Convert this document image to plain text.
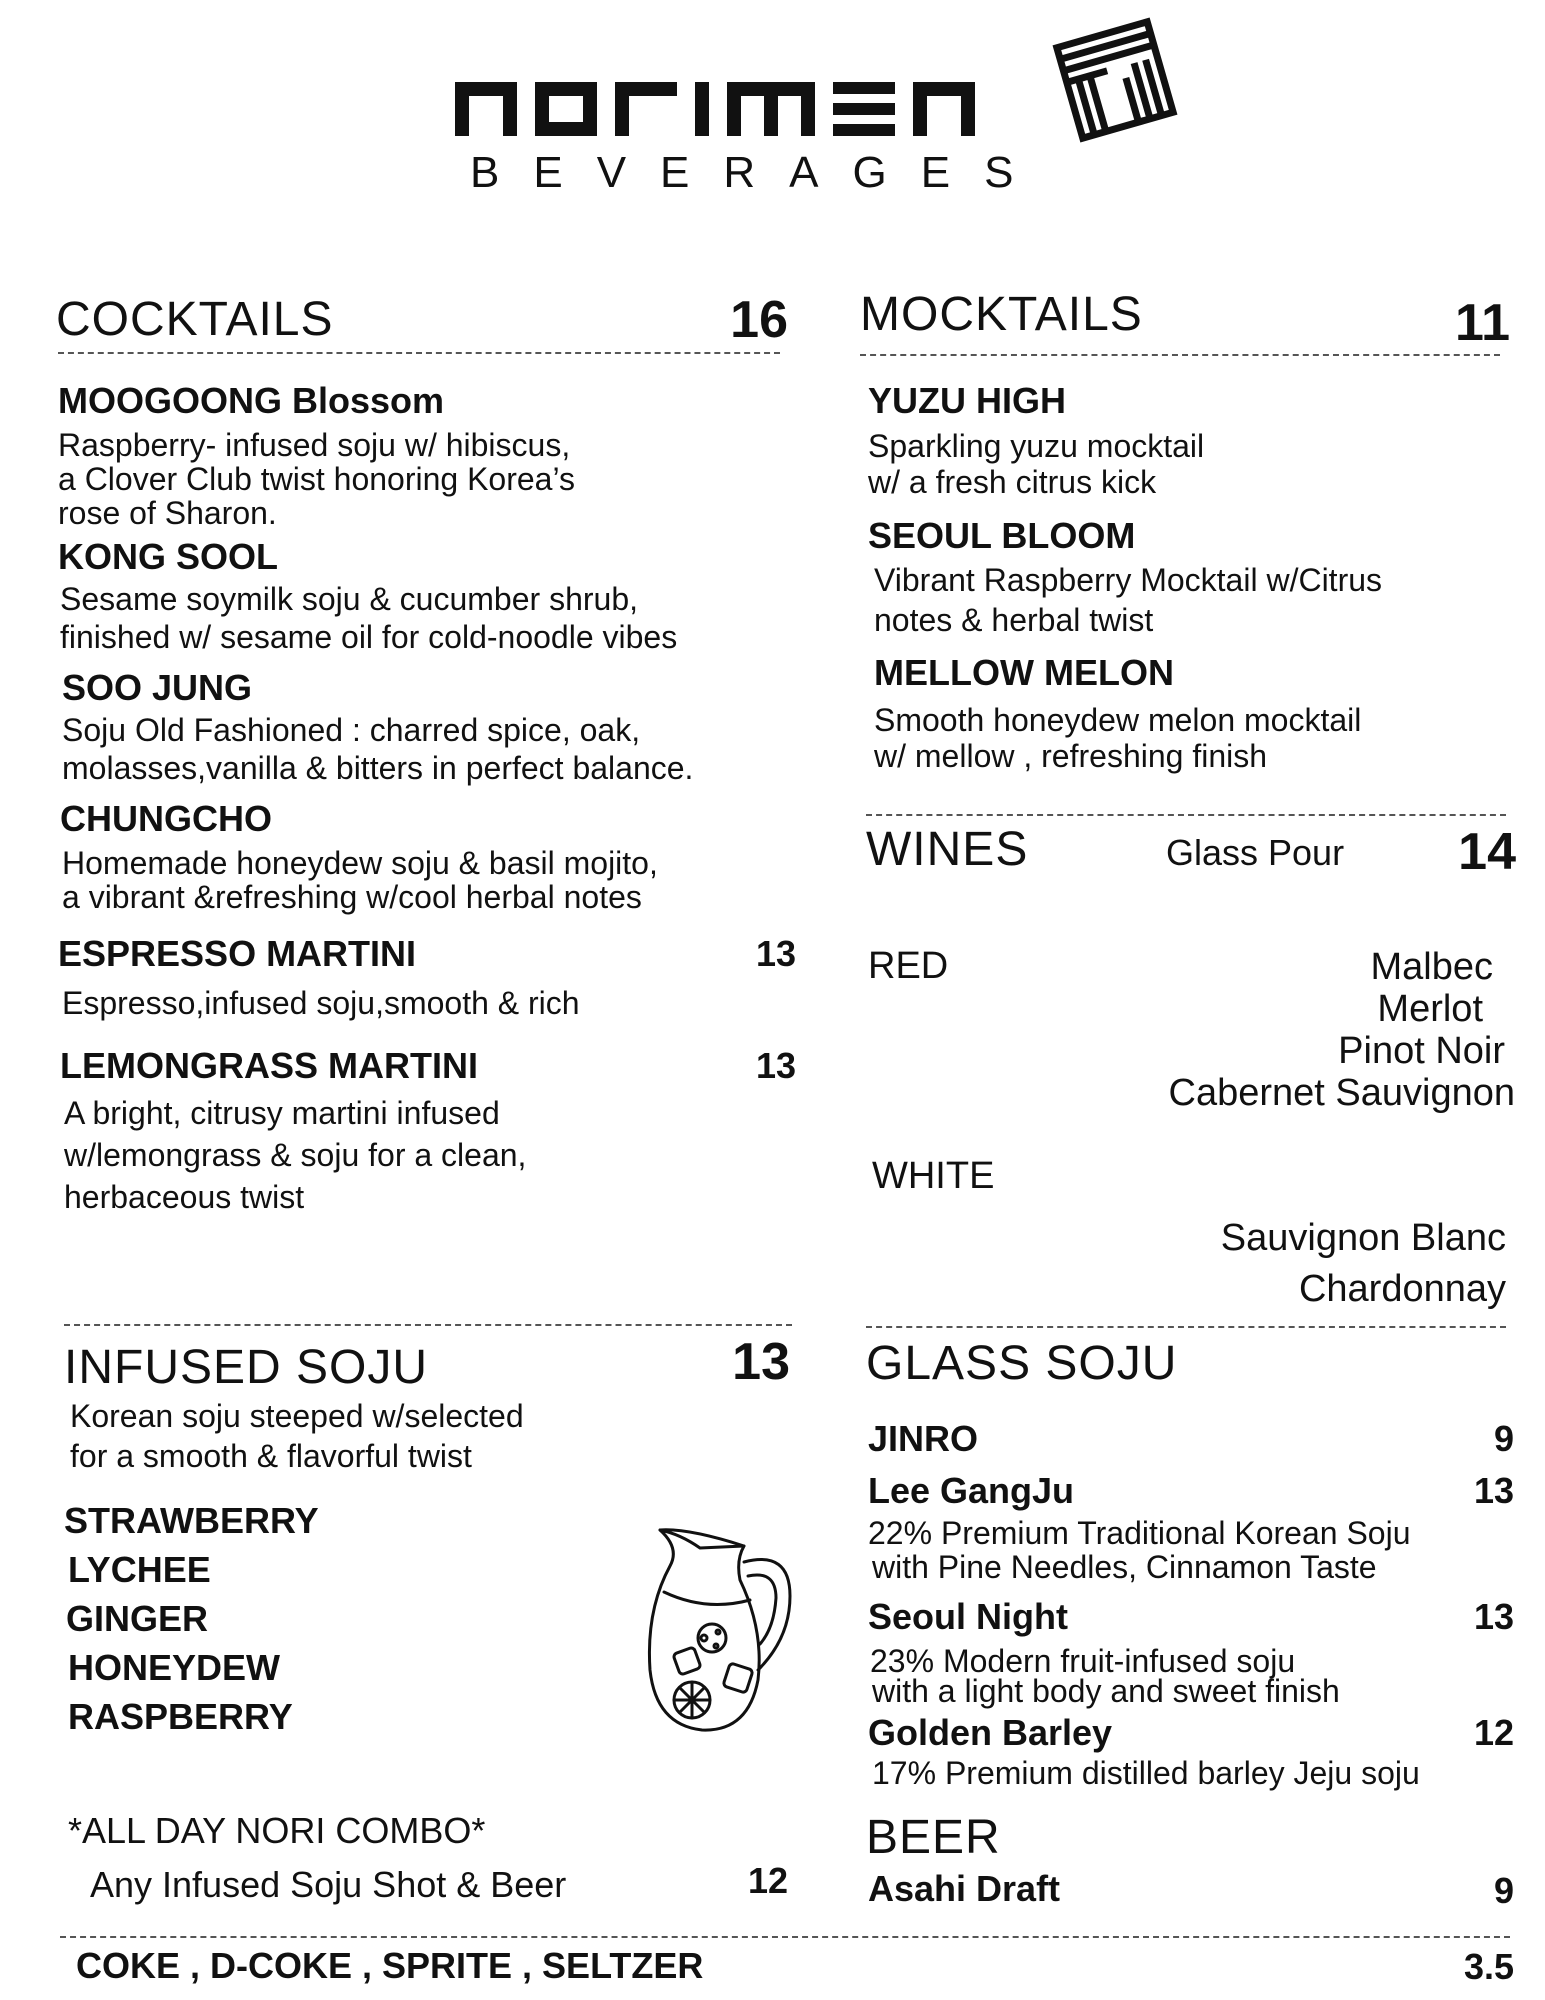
BEVERAGES
COCKTAILS	16
MOOGOONG Blossom
Raspberry- infused soju w/ hibiscus,
a Clover Club twist honoring Korea’s
rose of Sharon.
KONG SOOL
Sesame soymilk soju & cucumber shrub,
finished w/ sesame oil for cold-noodle vibes
SOO JUNG
Soju Old Fashioned : charred spice, oak,
molasses,vanilla & bitters in perfect balance.
CHUNGCHO
Homemade honeydew soju & basil mojito,
a vibrant &refreshing w/cool herbal notes
ESPRESSO MARTINI	13
Espresso,infused soju,smooth & rich
LEMONGRASS MARTINI	13
A bright, citrusy martini infused
w/lemongrass & soju for a clean,
herbaceous twist
MOCKTAILS	11
YUZU HIGH
Sparkling yuzu mocktail
w/ a fresh citrus kick
SEOUL BLOOM
Vibrant Raspberry Mocktail w/Citrus
notes & herbal twist
MELLOW MELON
Smooth honeydew melon mocktail
w/ mellow , refreshing finish
WINES	Glass Pour	14
RED	Malbec
Merlot
Pinot Noir
Cabernet Sauvignon
WHITE
Sauvignon Blanc
Chardonnay
INFUSED SOJU	13
Korean soju steeped w/selected
for a smooth & flavorful twist
STRAWBERRY
LYCHEE
GINGER
HONEYDEW
RASPBERRY
*ALL DAY NORI COMBO*
Any Infused Soju Shot & Beer	12
GLASS SOJU
JINRO	9
Lee GangJu	13
22% Premium Traditional Korean Soju
with Pine Needles, Cinnamon Taste
Seoul Night	13
23% Modern fruit-infused soju
with a light body and sweet finish
Golden Barley	12
17% Premium distilled barley Jeju soju
BEER
Asahi Draft	9
COKE , D-COKE , SPRITE , SELTZER	3.5
